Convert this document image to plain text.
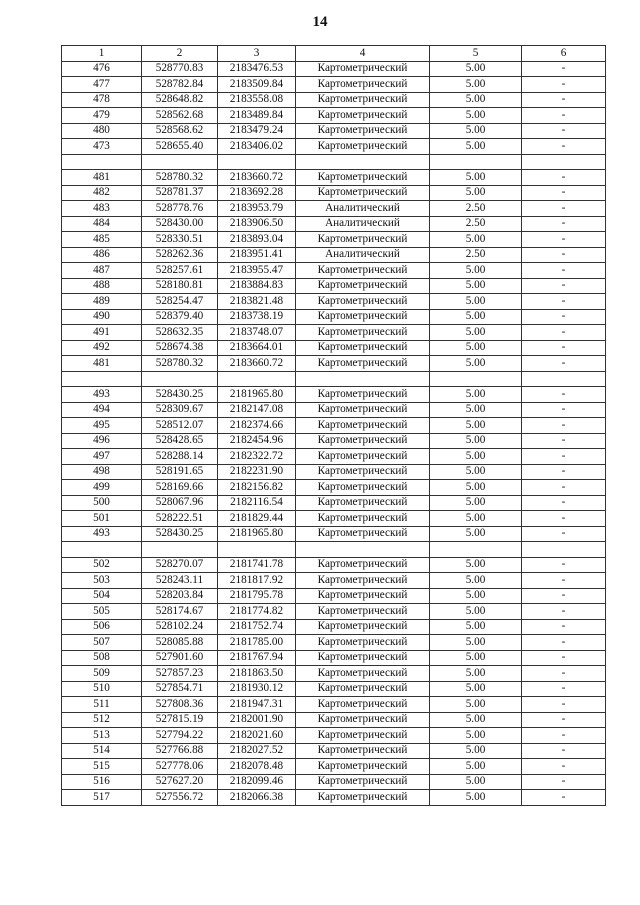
14
1	2	3	4	5	6
476	528770.83	2183476.53	Картометрический	5.00	-
477	528782.84	2183509.84	Картометрический	5.00	-
478	528648.82	2183558.08	Картометрический	5.00	-
479	528562.68	2183489.84	Картометрический	5.00	-
480	528568.62	2183479.24	Картометрический	5.00	-
473	528655.40	2183406.02	Картометрический	5.00	-

481	528780.32	2183660.72	Картометрический	5.00	-
482	528781.37	2183692.28	Картометрический	5.00	-
483	528778.76	2183953.79	Аналитический	2.50	-
484	528430.00	2183906.50	Аналитический	2.50	-
485	528330.51	2183893.04	Картометрический	5.00	-
486	528262.36	2183951.41	Аналитический	2.50	-
487	528257.61	2183955.47	Картометрический	5.00	-
488	528180.81	2183884.83	Картометрический	5.00	-
489	528254.47	2183821.48	Картометрический	5.00	-
490	528379.40	2183738.19	Картометрический	5.00	-
491	528632.35	2183748.07	Картометрический	5.00	-
492	528674.38	2183664.01	Картометрический	5.00	-
481	528780.32	2183660.72	Картометрический	5.00	-

493	528430.25	2181965.80	Картометрический	5.00	-
494	528309.67	2182147.08	Картометрический	5.00	-
495	528512.07	2182374.66	Картометрический	5.00	-
496	528428.65	2182454.96	Картометрический	5.00	-
497	528288.14	2182322.72	Картометрический	5.00	-
498	528191.65	2182231.90	Картометрический	5.00	-
499	528169.66	2182156.82	Картометрический	5.00	-
500	528067.96	2182116.54	Картометрический	5.00	-
501	528222.51	2181829.44	Картометрический	5.00	-
493	528430.25	2181965.80	Картометрический	5.00	-

502	528270.07	2181741.78	Картометрический	5.00	-
503	528243.11	2181817.92	Картометрический	5.00	-
504	528203.84	2181795.78	Картометрический	5.00	-
505	528174.67	2181774.82	Картометрический	5.00	-
506	528102.24	2181752.74	Картометрический	5.00	-
507	528085.88	2181785.00	Картометрический	5.00	-
508	527901.60	2181767.94	Картометрический	5.00	-
509	527857.23	2181863.50	Картометрический	5.00	-
510	527854.71	2181930.12	Картометрический	5.00	-
511	527808.36	2181947.31	Картометрический	5.00	-
512	527815.19	2182001.90	Картометрический	5.00	-
513	527794.22	2182021.60	Картометрический	5.00	-
514	527766.88	2182027.52	Картометрический	5.00	-
515	527778.06	2182078.48	Картометрический	5.00	-
516	527627.20	2182099.46	Картометрический	5.00	-
517	527556.72	2182066.38	Картометрический	5.00	-
